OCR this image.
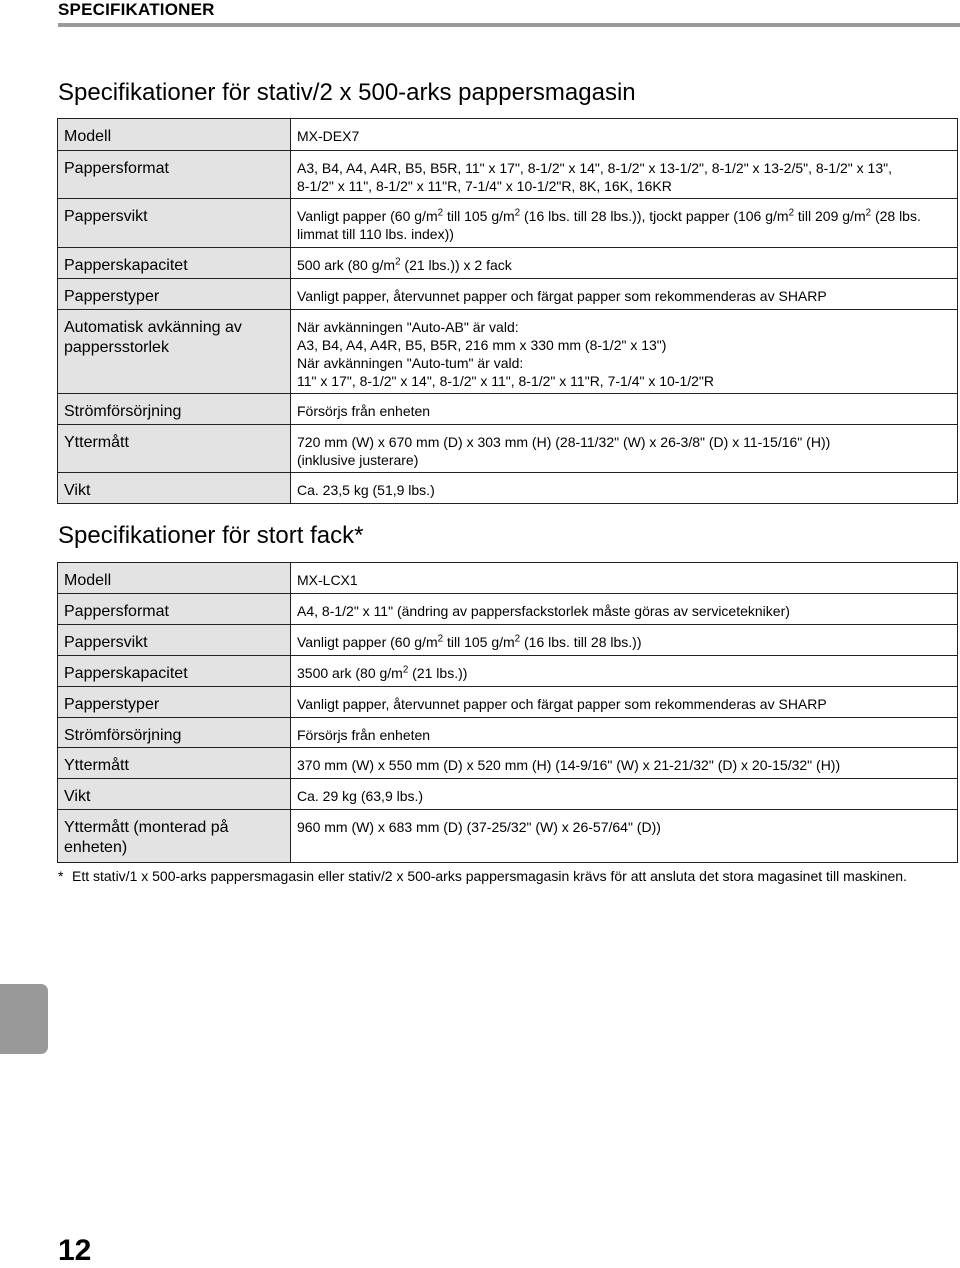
SPECIFIKATIONER
Specifikationer för stativ/2 x 500-arks pappersmagasin
Modell	MX-DEX7
Pappersformat	A3, B4, A4, A4R, B5, B5R, 11" x 17", 8-1/2" x 14", 8-1/2" x 13-1/2", 8-1/2" x 13-2/5", 8-1/2" x 13",
8-1/2" x 11", 8-1/2" x 11"R, 7-1/4" x 10-1/2"R, 8K, 16K, 16KR
Pappersvikt	Vanligt papper (60 $g/m^2$ till 105 $g/m^2$ (16 lbs. till 28 lbs.)), tjockt papper (106 $g/m^2$ till 209 $g/m^2$ (28 lbs.
limmat till 110 lbs. index))
Papperskapacitet	500 ark (80 $g/m^2$ (21 lbs.)) x 2 fack
Papperstyper	Vanligt papper, återvunnet papper och färgat papper som rekommenderas av SHARP
Automatisk avkänning av pappersstorlek	När avkänningen "Auto-AB" är vald:
A3, B4, A4, A4R, B5, B5R, 216 mm x 330 mm (8-1/2" x 13")
När avkänningen "Auto-tum" är vald:
11" x 17", 8-1/2" x 14", 8-1/2" x 11", 8-1/2" x 11"R, 7-1/4" x 10-1/2"R
Strömförsörjning	Försörjs från enheten
Yttermått	720 mm (W) x 670 mm (D) x 303 mm (H) (28-11/32" (W) x 26-3/8" (D) x 11-15/16" (H))
(inklusive justerare)
Vikt	Ca. 23,5 kg (51,9 lbs.)
Specifikationer för stort fack*
Modell	MX-LCX1
Pappersformat	A4, 8-1/2" x 11" (ändring av pappersfackstorlek måste göras av servicetekniker)
Pappersvikt	Vanligt papper (60 $g/m^2$ till 105 $g/m^2$ (16 lbs. till 28 lbs.))
Papperskapacitet	3500 ark (80 $g/m^2$ (21 lbs.))
Papperstyper	Vanligt papper, återvunnet papper och färgat papper som rekommenderas av SHARP
Strömförsörjning	Försörjs från enheten
Yttermått	370 mm (W) x 550 mm (D) x 520 mm (H) (14-9/16" (W) x 21-21/32" (D) x 20-15/32" (H))
Vikt	Ca. 29 kg (63,9 lbs.)
Yttermått (monterad på enheten)	960 mm (W) x 683 mm (D) (37-25/32" (W) x 26-57/64" (D))
* Ett stativ/1 x 500-arks pappersmagasin eller stativ/2 x 500-arks pappersmagasin krävs för att ansluta det stora magasinet till maskinen.
12
